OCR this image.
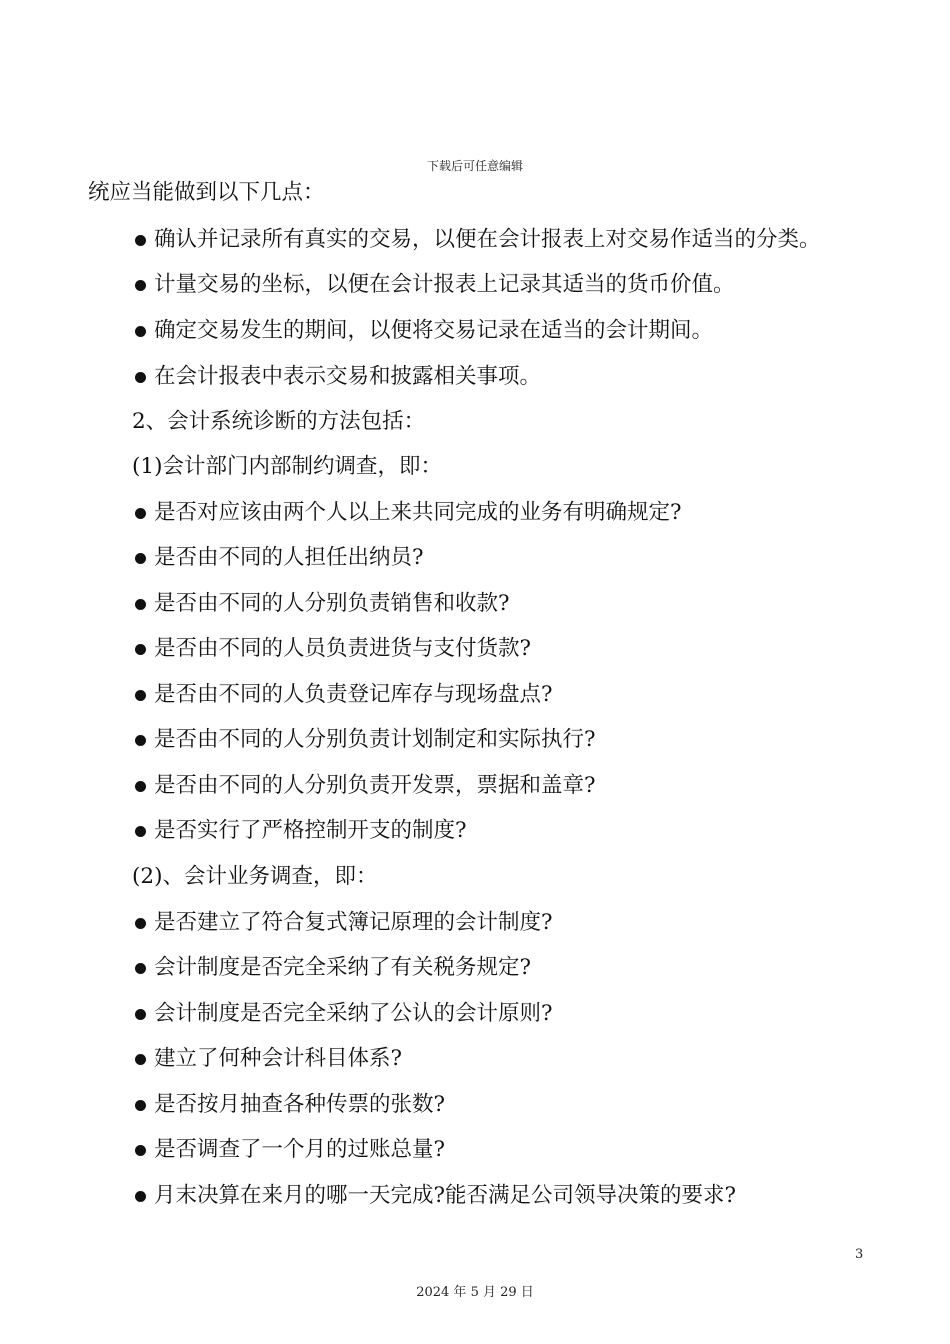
下载后可任意编辑
统应当能做到以下几点：
确认并记录所有真实的交易，以便在会计报表上对交易作适当的分类。
计量交易的坐标，以便在会计报表上记录其适当的货币价值。
确定交易发生的期间，以便将交易记录在适当的会计期间。
在会计报表中表示交易和披露相关事项。
2、会计系统诊断的方法包括：
(1)会计部门内部制约调查，即：
是否对应该由两个人以上来共同完成的业务有明确规定?
是否由不同的人担任出纳员?
是否由不同的人分别负责销售和收款?
是否由不同的人员负责进货与支付货款?
是否由不同的人负责登记库存与现场盘点?
是否由不同的人分别负责计划制定和实际执行?
是否由不同的人分别负责开发票，票据和盖章?
是否实行了严格控制开支的制度?
(2)、会计业务调查，即：
是否建立了符合复式簿记原理的会计制度?
会计制度是否完全采纳了有关税务规定?
会计制度是否完全采纳了公认的会计原则?
建立了何种会计科目体系?
是否按月抽查各种传票的张数?
是否调查了一个月的过账总量?
月末决算在来月的哪一天完成?能否满足公司领导决策的要求?
3
2024 年 5 月 29 日
